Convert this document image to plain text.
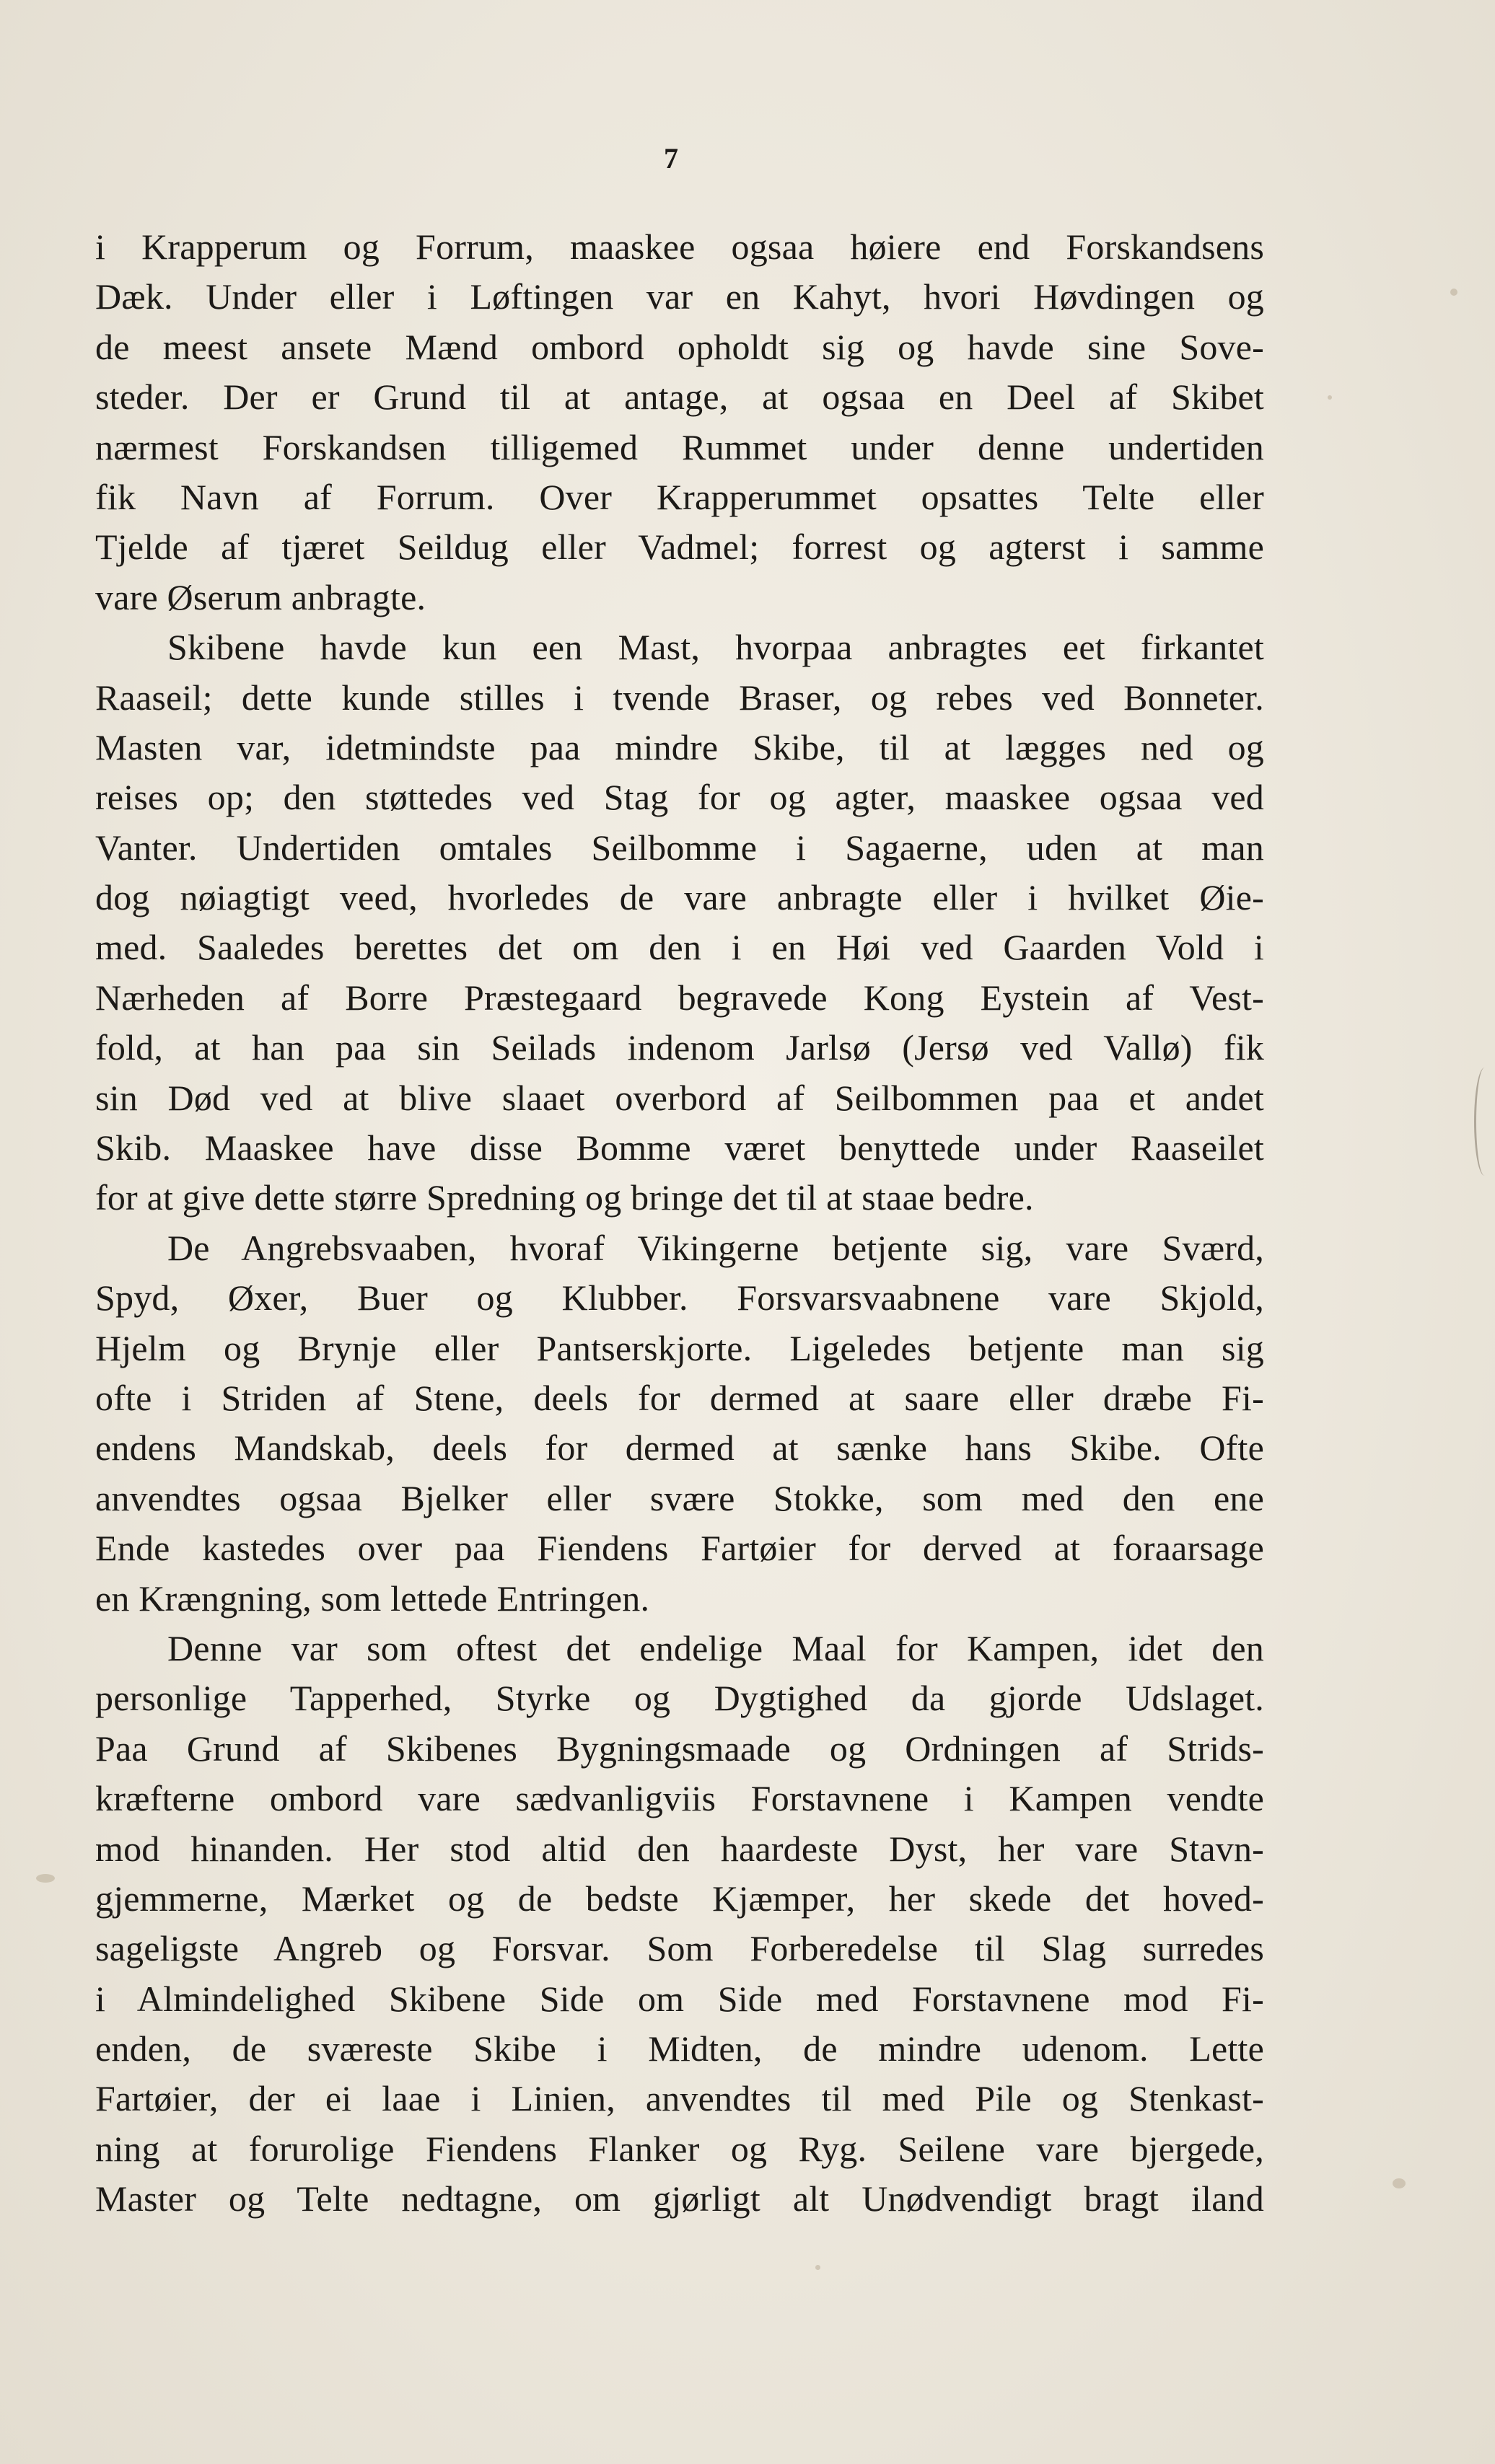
7
i Krapperum og Forrum, maaskee ogsaa høiere end Forskandsens
Dæk. Under eller i Løftingen var en Kahyt, hvori Høvdingen og
de meest ansete Mænd ombord opholdt sig og havde sine Sove-
steder. Der er Grund til at antage, at ogsaa en Deel af Skibet
nærmest Forskandsen tilligemed Rummet under denne undertiden
fik Navn af Forrum. Over Krapperummet opsattes Telte eller
Tjelde af tjæret Seildug eller Vadmel; forrest og agterst i samme
vare Øserum anbragte.
Skibene havde kun een Mast, hvorpaa anbragtes eet firkantet
Raaseil; dette kunde stilles i tvende Braser, og rebes ved Bonneter.
Masten var, idetmindste paa mindre Skibe, til at lægges ned og
reises op; den støttedes ved Stag for og agter, maaskee ogsaa ved
Vanter. Undertiden omtales Seilbomme i Sagaerne, uden at man
dog nøiagtigt veed, hvorledes de vare anbragte eller i hvilket Øie-
med. Saaledes berettes det om den i en Høi ved Gaarden Vold i
Nærheden af Borre Præstegaard begravede Kong Eystein af Vest-
fold, at han paa sin Seilads indenom Jarlsø (Jersø ved Vallø) fik
sin Død ved at blive slaaet overbord af Seilbommen paa et andet
Skib. Maaskee have disse Bomme været benyttede under Raaseilet
for at give dette større Spredning og bringe det til at staae bedre.
De Angrebsvaaben, hvoraf Vikingerne betjente sig, vare Sværd,
Spyd, Øxer, Buer og Klubber. Forsvarsvaabnene vare Skjold,
Hjelm og Brynje eller Pantserskjorte. Ligeledes betjente man sig
ofte i Striden af Stene, deels for dermed at saare eller dræbe Fi-
endens Mandskab, deels for dermed at sænke hans Skibe. Ofte
anvendtes ogsaa Bjelker eller svære Stokke, som med den ene
Ende kastedes over paa Fiendens Fartøier for derved at foraarsage
en Krængning, som lettede Entringen.
Denne var som oftest det endelige Maal for Kampen, idet den
personlige Tapperhed, Styrke og Dygtighed da gjorde Udslaget.
Paa Grund af Skibenes Bygningsmaade og Ordningen af Strids-
kræfterne ombord vare sædvanligviis Forstavnene i Kampen vendte
mod hinanden. Her stod altid den haardeste Dyst, her vare Stavn-
gjemmerne, Mærket og de bedste Kjæmper, her skede det hoved-
sageligste Angreb og Forsvar. Som Forberedelse til Slag surredes
i Almindelighed Skibene Side om Side med Forstavnene mod Fi-
enden, de sværeste Skibe i Midten, de mindre udenom. Lette
Fartøier, der ei laae i Linien, anvendtes til med Pile og Stenkast-
ning at forurolige Fiendens Flanker og Ryg. Seilene vare bjergede,
Master og Telte nedtagne, om gjørligt alt Unødvendigt bragt iland
